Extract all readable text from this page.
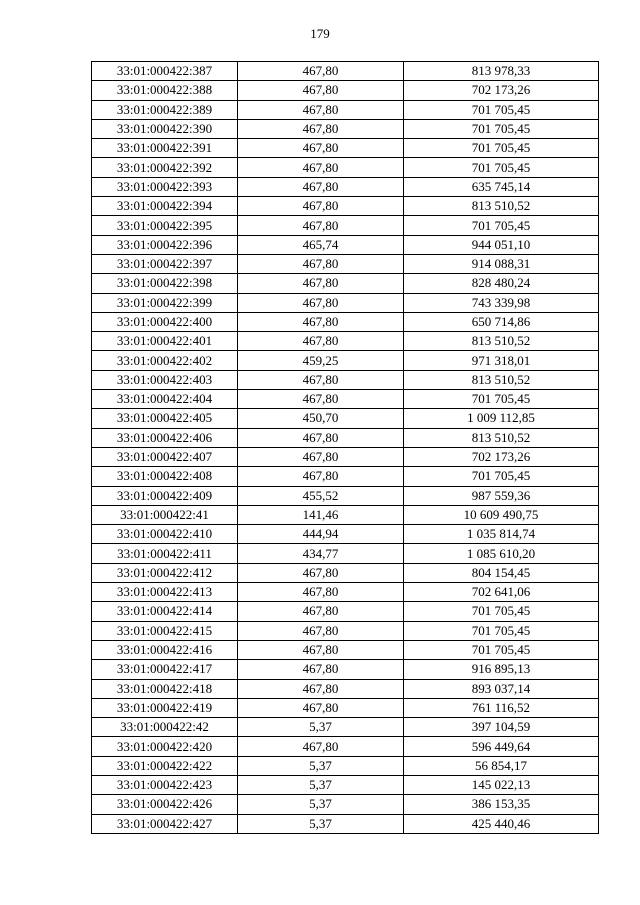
179
33:01:000422:387	467,80	813 978,33
33:01:000422:388	467,80	702 173,26
33:01:000422:389	467,80	701 705,45
33:01:000422:390	467,80	701 705,45
33:01:000422:391	467,80	701 705,45
33:01:000422:392	467,80	701 705,45
33:01:000422:393	467,80	635 745,14
33:01:000422:394	467,80	813 510,52
33:01:000422:395	467,80	701 705,45
33:01:000422:396	465,74	944 051,10
33:01:000422:397	467,80	914 088,31
33:01:000422:398	467,80	828 480,24
33:01:000422:399	467,80	743 339,98
33:01:000422:400	467,80	650 714,86
33:01:000422:401	467,80	813 510,52
33:01:000422:402	459,25	971 318,01
33:01:000422:403	467,80	813 510,52
33:01:000422:404	467,80	701 705,45
33:01:000422:405	450,70	1 009 112,85
33:01:000422:406	467,80	813 510,52
33:01:000422:407	467,80	702 173,26
33:01:000422:408	467,80	701 705,45
33:01:000422:409	455,52	987 559,36
33:01:000422:41	141,46	10 609 490,75
33:01:000422:410	444,94	1 035 814,74
33:01:000422:411	434,77	1 085 610,20
33:01:000422:412	467,80	804 154,45
33:01:000422:413	467,80	702 641,06
33:01:000422:414	467,80	701 705,45
33:01:000422:415	467,80	701 705,45
33:01:000422:416	467,80	701 705,45
33:01:000422:417	467,80	916 895,13
33:01:000422:418	467,80	893 037,14
33:01:000422:419	467,80	761 116,52
33:01:000422:42	5,37	397 104,59
33:01:000422:420	467,80	596 449,64
33:01:000422:422	5,37	56 854,17
33:01:000422:423	5,37	145 022,13
33:01:000422:426	5,37	386 153,35
33:01:000422:427	5,37	425 440,46
